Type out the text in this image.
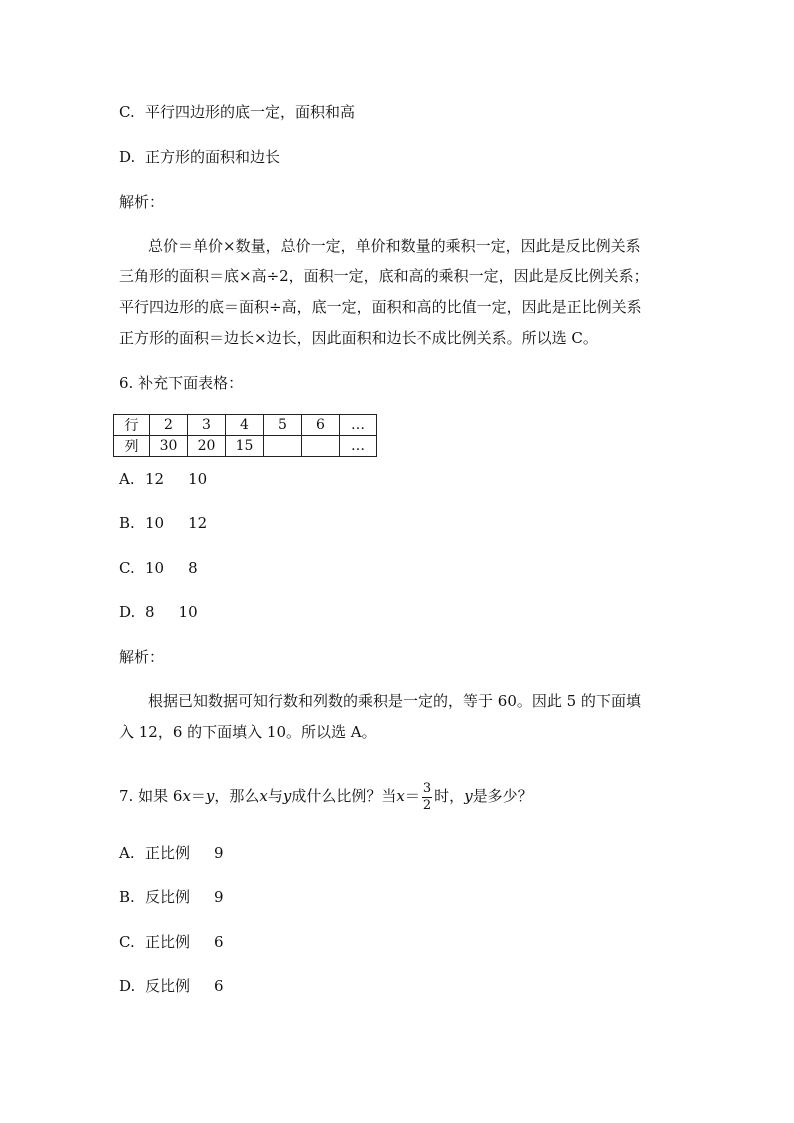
C. 平行四边形的底一定，面积和高
D. 正方形的面积和边长
解析：
总价＝单价×数量，总价一定，单价和数量的乘积一定，因此是反比例关系
三角形的面积＝底×高÷2，面积一定，底和高的乘积一定，因此是反比例关系；
平行四边形的底＝面积÷高，底一定，面积和高的比值一定，因此是正比例关系
正方形的面积＝边长×边长，因此面积和边长不成比例关系。所以选 C。
6. 补充下面表格：
行	2	3	4	5	6	…
列	30	20	15			…
A. 12 10
B. 10 12
C. 10 8
D. 8 10
解析：
根据已知数据可知行数和列数的乘积是一定的，等于 60。因此 5 的下面填
入 12，6 的下面填入 10。所以选 A。
7. 如果 6x＝y，那么x与y成什么比例？当$x= \frac{3}{2}$ 时，y是多少？
A. 正比例 9
B. 反比例 9
C. 正比例 6
D. 反比例 6
